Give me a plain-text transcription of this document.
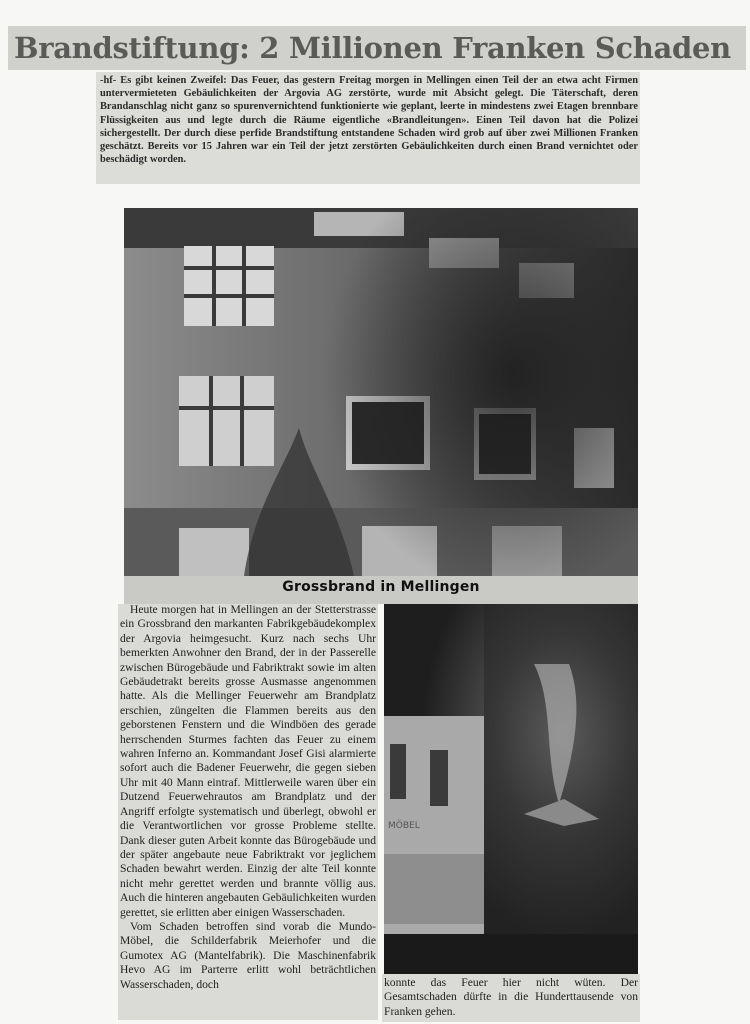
Brandstiftung: 2 Millionen Franken Schaden
-hf- Es gibt keinen Zweifel: Das Feuer, das gestern Freitag morgen in Mellingen einen Teil der an etwa acht Firmen untervermieteten Gebäulichkeiten der Argovia AG zerstörte, wurde mit Absicht gelegt. Die Täterschaft, deren Brandanschlag nicht ganz so spurenvernichtend funktionierte wie geplant, leerte in mindestens zwei Etagen brennbare Flüssigkeiten aus und legte durch die Räume eigentliche «Brandleitungen». Einen Teil davon hat die Polizei sichergestellt. Der durch diese perfide Brandstiftung entstandene Schaden wird grob auf über zwei Millionen Franken geschätzt. Bereits vor 15 Jahren war ein Teil der jetzt zerstörten Gebäulichkeiten durch einen Brand vernichtet oder beschädigt worden.
Grossbrand in Mellingen

Heute morgen hat in Mellingen an der Stetterstrasse ein Grossbrand den markanten Fabrikgebäudekomplex der Argovia heimgesucht. Kurz nach sechs Uhr bemerkten Anwohner den Brand, der in der Passerelle zwischen Bürogebäude und Fabriktrakt sowie im alten Gebäudetrakt bereits grosse Ausmasse angenommen hatte. Als die Mellinger Feuerwehr am Brandplatz erschien, züngelten die Flammen bereits aus den geborstenen Fenstern und die Windböen des gerade herrschenden Sturmes fachten das Feuer zu einem wahren Inferno an. Kommandant Josef Gisi alarmierte sofort auch die Badener Feuerwehr, die gegen sieben Uhr mit 40 Mann eintraf. Mittlerweile waren über ein Dutzend Feuerwehrautos am Brandplatz und der Angriff erfolgte systematisch und überlegt, obwohl er die Verantwortlichen vor grosse Probleme stellte. Dank dieser guten Arbeit konnte das Bürogebäude und der später angebaute neue Fabriktrakt vor jeglichem Schaden bewahrt werden. Einzig der alte Teil konnte nicht mehr gerettet werden und brannte völlig aus. Auch die hinteren angebauten Gebäulichkeiten wurden gerettet, sie erlitten aber einigen Wasserschaden.

Vom Schaden betroffen sind vorab die Mundo-Möbel, die Schilderfabrik Meierhofer und die Gumotex AG (Mantelfabrik). Die Maschinenfabrik Hevo AG im Parterre erlitt wohl beträchtlichen Wasserschaden, doch

MÖBEL
konnte das Feuer hier nicht wüten. Der Gesamtschaden dürfte in die Hunderttausende von Franken gehen.
